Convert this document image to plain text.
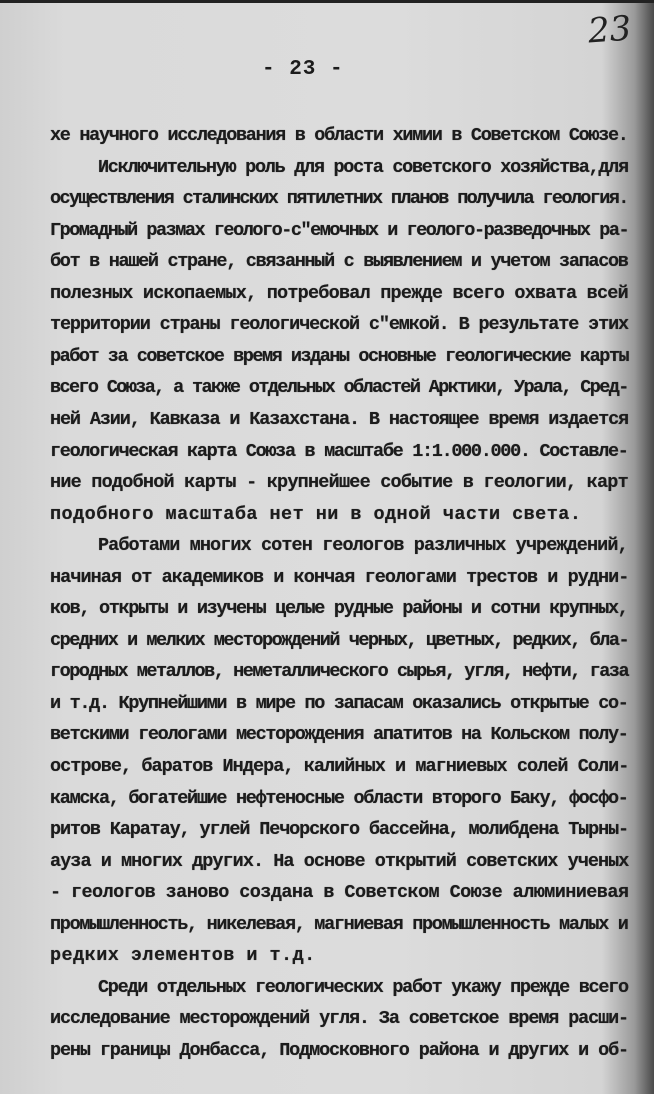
23
- 23 -
хе научного исследования в области химии в Советском Союзе.
Исключительную роль для роста советского хозяйства,для
осуществления сталинских пятилетних планов получила геология.
Громадный размах геолого-с"емочных и геолого-разведочных ра-
бот в нашей стране, связанный с выявлением и учетом запасов
полезных ископаемых, потребовал прежде всего охвата всей
территории страны геологической с"емкой. В результате этих
работ за советское время изданы основные геологические карты
всего Союза, а также отдельных областей Арктики, Урала, Сред-
ней Азии, Кавказа и Казахстана. В настоящее время издается
геологическая карта Союза в масштабе 1:1.000.000. Составле-
ние подобной карты - крупнейшее событие в геологии, карт
подобного масштаба нет ни в одной части света.
Работами многих сотен геологов различных учреждений,
начиная от академиков и кончая геологами трестов и рудни-
ков, открыты и изучены целые рудные районы и сотни крупных,
средних и мелких месторождений черных, цветных, редких, бла-
городных металлов, неметаллического сырья, угля, нефти, газа
и т.д. Крупнейшими в мире по запасам оказались открытые со-
ветскими геологами месторождения апатитов на Кольском полу-
острове, баратов Индера, калийных и магниевых солей Соли-
камска, богатейшие нефтеносные области второго Баку, фосфо-
ритов Каратау, углей Печорского бассейна, молибдена Тырны-
ауза и многих других. На основе открытий советских ученых
- геологов заново создана в Советском Союзе алюминиевая
промышленность, никелевая, магниевая промышленность малых и
редких элементов и т.д.
Среди отдельных геологических работ укажу прежде всего
исследование месторождений угля. За советское время расши-
рены границы Донбасса, Подмосковного района и других и об-
